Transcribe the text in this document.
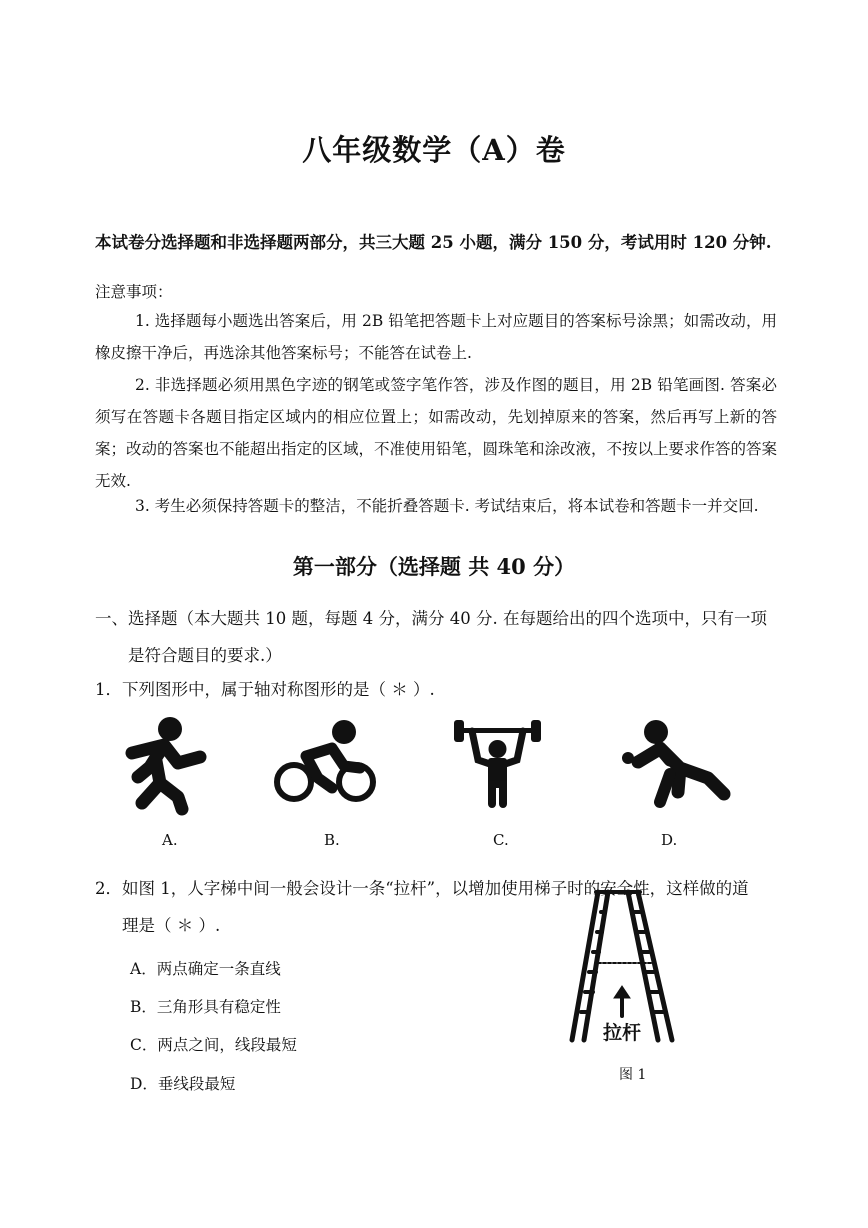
八年级数学（A）卷
本试卷分选择题和非选择题两部分，共三大题 25 小题，满分 150 分，考试用时 120 分钟.
注意事项：
1. 选择题每小题选出答案后，用 2B 铅笔把答题卡上对应题目的答案标号涂黑；如需改动，用橡皮擦干净后，再选涂其他答案标号；不能答在试卷上.
2. 非选择题必须用黑色字迹的钢笔或签字笔作答，涉及作图的题目，用 2B 铅笔画图. 答案必须写在答题卡各题目指定区域内的相应位置上；如需改动，先划掉原来的答案，然后再写上新的答案；改动的答案也不能超出指定的区域，不准使用铅笔，圆珠笔和涂改液，不按以上要求作答的答案无效.
3. 考生必须保持答题卡的整洁，不能折叠答题卡. 考试结束后，将本试卷和答题卡一并交回.
第一部分（选择题 共 40 分）
一、选择题（本大题共 10 题，每题 4 分，满分 40 分. 在每题给出的四个选项中，只有一项
是符合题目的要求.）
1．下列图形中，属于轴对称图形的是（ ＊ ）.
A.	B.	C.	D.
2．如图 1，人字梯中间一般会设计一条“拉杆”，以增加使用梯子时的安全性，这样做的道
理是（ ＊ ）.
A．两点确定一条直线
B．三角形具有稳定性
C．两点之间，线段最短
D．垂线段最短
拉杆
图 1
